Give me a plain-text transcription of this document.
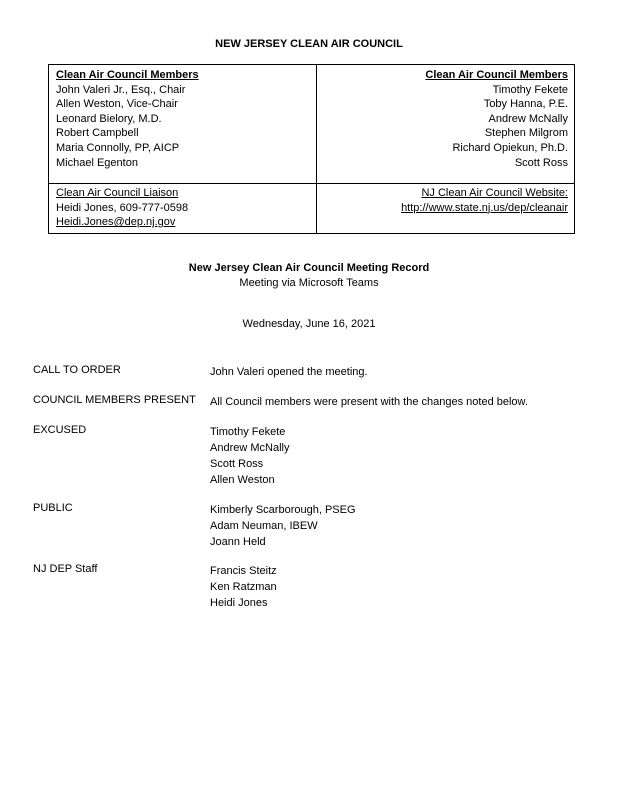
NEW JERSEY CLEAN AIR COUNCIL
Clean Air Council Members
John Valeri Jr., Esq., Chair
Allen Weston, Vice-Chair
Leonard Bielory, M.D.
Robert Campbell
Maria Connolly, PP, AICP
Michael Egenton
Clean Air Council Members
Timothy Fekete
Toby Hanna, P.E.
Andrew McNally
Stephen Milgrom
Richard Opiekun, Ph.D.
Scott Ross
Clean Air Council Liaison
Heidi Jones, 609-777-0598
Heidi.Jones@dep.nj.gov
NJ Clean Air Council Website:
http://www.state.nj.us/dep/cleanair
New Jersey Clean Air Council Meeting Record
Meeting via Microsoft Teams
Wednesday, June 16, 2021
CALL TO ORDER	John Valeri opened the meeting.
COUNCIL MEMBERS PRESENT All Council members were present with the changes noted below.
EXCUSED	Timothy Fekete
Andrew McNally
Scott Ross
Allen Weston
PUBLIC	Kimberly Scarborough, PSEG
Adam Neuman, IBEW
Joann Held
NJ DEP Staff	Francis Steitz
Ken Ratzman
Heidi Jones
